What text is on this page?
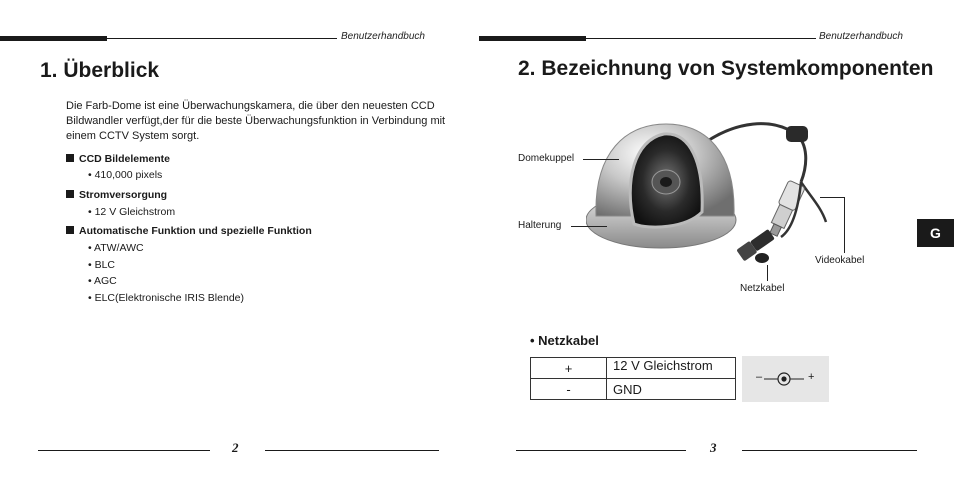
Benutzerhandbuch
1. Überblick
Die Farb-Dome ist eine Überwachungskamera, die über den neuesten CCD Bildwandler verfügt,der für die beste Überwachungsfunktion in Verbindung mit einem CCTV System sorgt.
CCD Bildelemente
• 410,000 pixels
Stromversorgung
• 12 V Gleichstrom
Automatische Funktion und spezielle Funktion
• ATW/AWC
• BLC
• AGC
• ELC(Elektronische IRIS Blende)
2
Benutzerhandbuch
2. Bezeichnung von Systemkomponenten
Domekuppel
Halterung
Videokabel
Netzkabel
• Netzkabel
+	12 V Gleichstrom
-	GND
–	+
3
G
